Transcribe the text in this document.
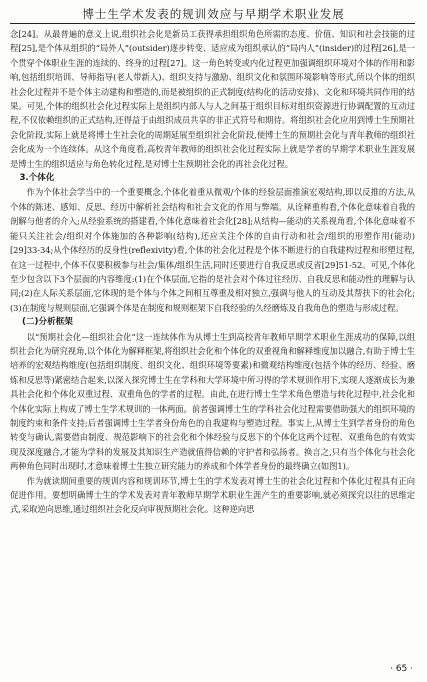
博士生学术发表的规训效应与早期学术职业发展

念[24]。从最普遍的意义上说,组织社会化是新员工获得承担组织角色所需的态度、价值、知识和社会技能的过程[25],是个体从组织的“局外人”(outsider)逐步转变、适应成为组织承认的“局内人”(insider)的过程[26],是一个贯穿个体职业生涯的连续的、终身的过程[27]。这一角色转变或内化过程更加强调组织环境对个体的作用和影响,包括组织培训、导师指导(老人带新人)、组织支持与激励、组织文化和氛围环境影响等形式,所以个体的组织社会化过程并不是个体主动建构和塑造的,而是被组织的正式制度(结构化的活动安排)、文化和环境共同作用的结果。可见,个体的组织社会化过程实际上是组织内部人与人之间基于组织目标对组织资源进行协调配置的互动过程,不仅依赖组织的正式结构,还得益于由组织成员共享的非正式符号和期待。将组织社会化应用到博士生预期社会化阶段,实际上就是将博士生社会化的周期延展至组织社会化阶段,使博士生的预期社会化与青年教师的组织社会化成为一个连续体。从这个角度看,高校青年教师的组织社会化过程实际上就是学者的早期学术职业生涯发展是博士生的组织适应与角色转化过程,是对博士生预期社会化的再社会化过程。

3.个体化

作为个体社会学当中的一个重要概念,个体化着重从微观/个体的经验层面推演宏观结构,即以反推的方法,从个体的陈述、感知、反思、经历中解析社会结构和社会文化的作用与弊端。从诠释重构看,个体化意味着自我的剖解与他者的介入;从经验系统的搭建看,个体化意味着社会化[28];从结构—能动的关系视角看,个体化意味着不能只关注社会/组织对个体施加的各种影响(结构),还应关注个体的自由行动和社会/组织的形塑作用(能动)[29]33-34;从个体经历的反身性(reflexivity)看,个体的社会化过程是个体不断进行的自我建构过程和形塑过程,在这一过程中,个体不仅要积极参与社会/集体/组织生活,同时还要进行自我反思或反省[29]51-52。可见,个体化至少包含以下3个层面的内容维度:(1)在个体层面,它指的是社会对个体过往经历、自我反思和能动性的理解与认同;(2)在人际关系层面,它体现的是个体与个体之间相互尊重及相对独立,强调与他人的互动及其帮扶下的社会化;(3)在制度与规则层面,它强调个体是在制度和规则框架下自我经验的久经磨炼及自我角色的塑造与形成过程。

(二)分析框架

以“预期社会化—组织社会化”这一连续体作为从博士生到高校青年教师早期学术职业生涯成功的保障,以组织社会化为研究视角,以个体化为解释框架,将组织社会化和个体化的双重视角和解释维度加以融合,有助于博士生培养的宏观结构维度(包括组织制度、组织文化、组织环境等要素)和微观结构维度(包括个体的经历、经验、磨炼和反思等)紧密结合起来,以深入探究博士生在学科和大学环境中所习得的学术规训作用下,实现人逐渐成长为兼具社会化和个体化双重过程、双重角色的学者的过程。由此,在进行博士生学术角色塑造与转化过程中,社会化和个体化实际上构成了博士生学术规训的一体两面。前者强调博士生的学科社会化过程需要借助强大的组织环境的制度约束和条件支持;后者强调博士生学者身份角色的自我建构与塑造过程。事实上,从博士生到学者身份的角色转变与确认,需要借由制度、规范影响下的社会化和个体经验与反思下的个体化这两个过程、双重角色的有效实现及深度融合,才能为学科的发展及其知识生产造就值得信赖的守护者和弘扬者。换言之,只有当个体化与社会化两种角色同时出现时,才意味着博士生独立研究能力的养成和个体学者身份的最终确立(如图1)。

作为就读期间重要的规训内容和规训环节,博士生的学术发表对博士生的社会化过程和个体化过程具有正向促进作用。要想明确博士生的学术发表对青年教师早期学术职业生涯产生的重要影响,就必须探究以往的思维定式,采取逆向思维,通过组织社会化反向审视预期社会化。这种逆向思

· 65 ·
